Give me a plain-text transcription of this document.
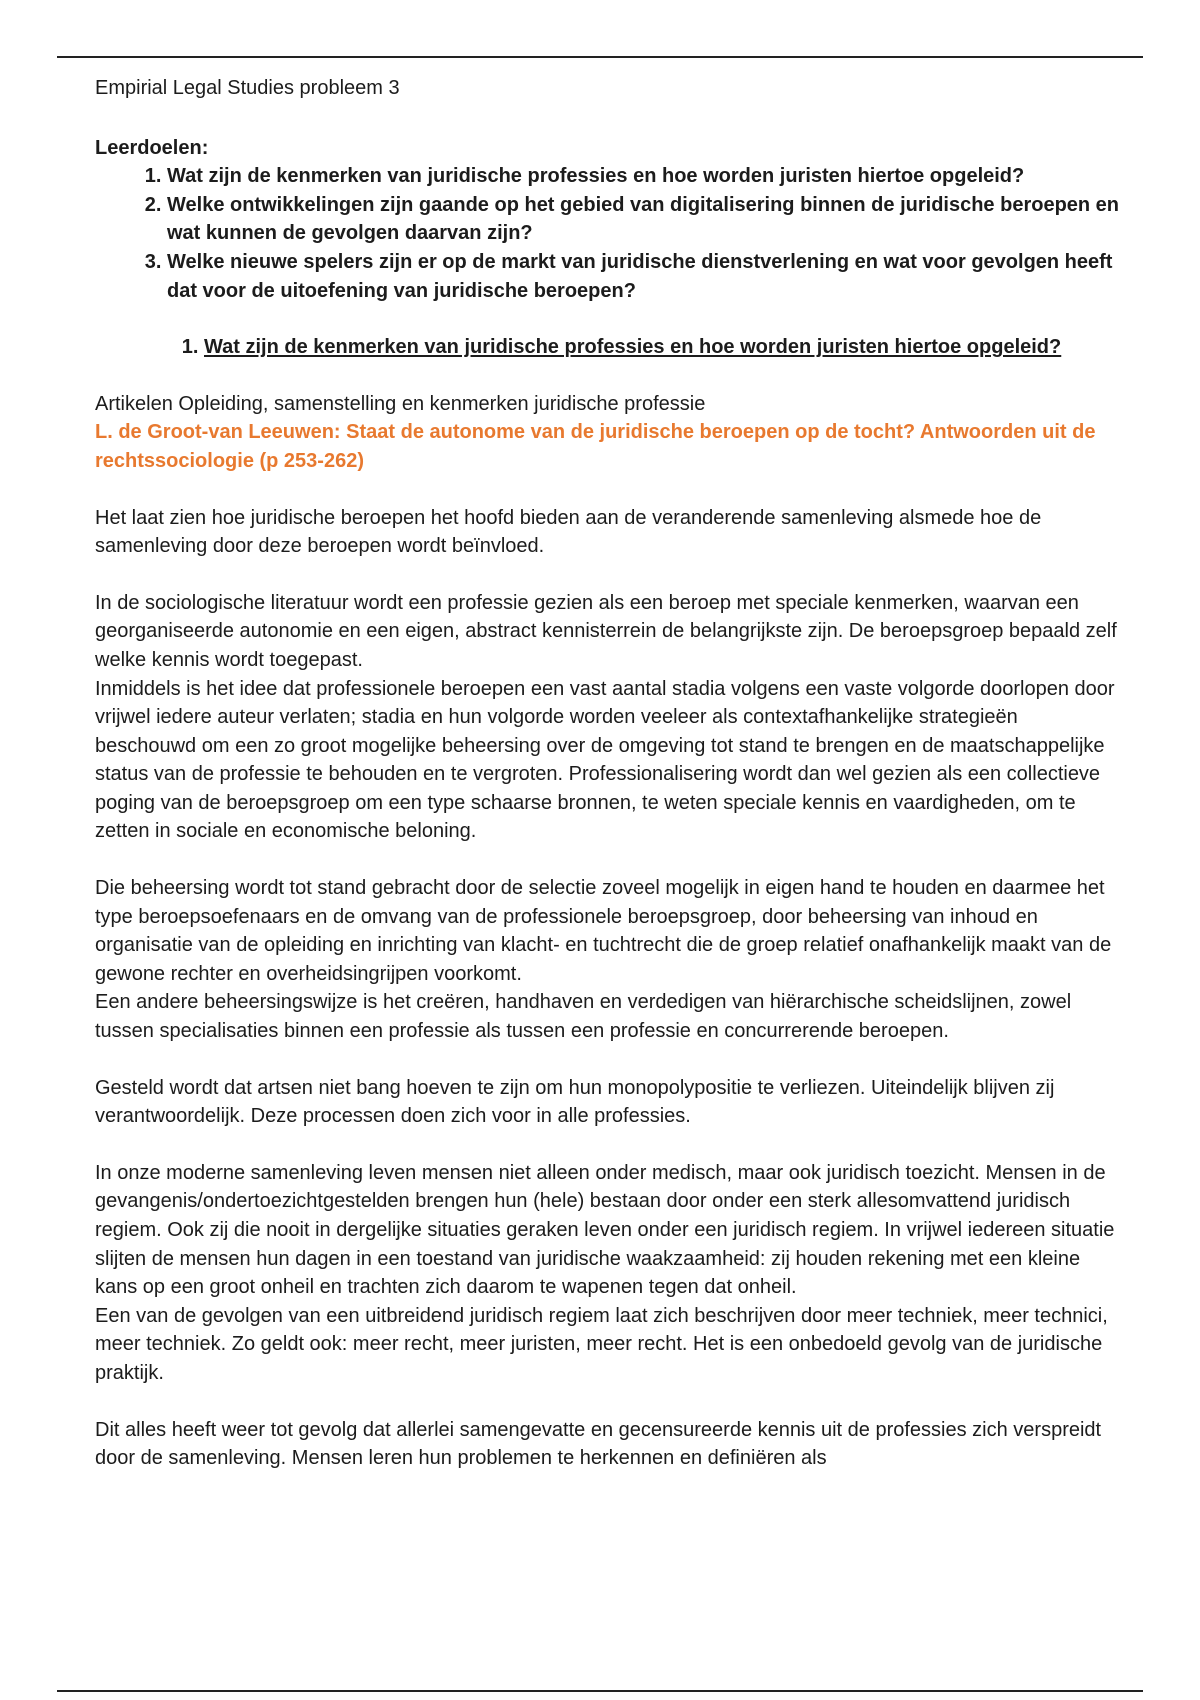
Empirial Legal Studies probleem 3

Leerdoelen:

1. Wat zijn de kenmerken van juridische professies en hoe worden juristen hiertoe opgeleid?
2. Welke ontwikkelingen zijn gaande op het gebied van digitalisering binnen de juridische beroepen en wat kunnen de gevolgen daarvan zijn?
3. Welke nieuwe spelers zijn er op de markt van juridische dienstverlening en wat voor gevolgen heeft dat voor de uitoefening van juridische beroepen?
1. Wat zijn de kenmerken van juridische professies en hoe worden juristen hiertoe opgeleid?

Artikelen Opleiding, samenstelling en kenmerken juridische professie

L. de Groot-van Leeuwen: Staat de autonome van de juridische beroepen op de tocht? Antwoorden uit de rechtssociologie (p 253-262)

Het laat zien hoe juridische beroepen het hoofd bieden aan de veranderende samenleving alsmede hoe de samenleving door deze beroepen wordt beïnvloed.

In de sociologische literatuur wordt een professie gezien als een beroep met speciale kenmerken, waarvan een georganiseerde autonomie en een eigen, abstract kennisterrein de belangrijkste zijn. De beroepsgroep bepaald zelf welke kennis wordt toegepast.

Inmiddels is het idee dat professionele beroepen een vast aantal stadia volgens een vaste volgorde doorlopen door vrijwel iedere auteur verlaten; stadia en hun volgorde worden veeleer als contextafhankelijke strategieën beschouwd om een zo groot mogelijke beheersing over de omgeving tot stand te brengen en de maatschappelijke status van de professie te behouden en te vergroten. Professionalisering wordt dan wel gezien als een collectieve poging van de beroepsgroep om een type schaarse bronnen, te weten speciale kennis en vaardigheden, om te zetten in sociale en economische beloning.

Die beheersing wordt tot stand gebracht door de selectie zoveel mogelijk in eigen hand te houden en daarmee het type beroepsoefenaars en de omvang van de professionele beroepsgroep, door beheersing van inhoud en organisatie van de opleiding en inrichting van klacht- en tuchtrecht die de groep relatief onafhankelijk maakt van de gewone rechter en overheidsingrijpen voorkomt.

Een andere beheersingswijze is het creëren, handhaven en verdedigen van hiërarchische scheidslijnen, zowel tussen specialisaties binnen een professie als tussen een professie en concurrerende beroepen.

Gesteld wordt dat artsen niet bang hoeven te zijn om hun monopolypositie te verliezen. Uiteindelijk blijven zij verantwoordelijk. Deze processen doen zich voor in alle professies.

In onze moderne samenleving leven mensen niet alleen onder medisch, maar ook juridisch toezicht. Mensen in de gevangenis/ondertoezichtgestelden brengen hun (hele) bestaan door onder een sterk allesomvattend juridisch regiem. Ook zij die nooit in dergelijke situaties geraken leven onder een juridisch regiem. In vrijwel iedereen situatie slijten de mensen hun dagen in een toestand van juridische waakzaamheid: zij houden rekening met een kleine kans op een groot onheil en trachten zich daarom te wapenen tegen dat onheil.

Een van de gevolgen van een uitbreidend juridisch regiem laat zich beschrijven door meer techniek, meer technici, meer techniek. Zo geldt ook: meer recht, meer juristen, meer recht. Het is een onbedoeld gevolg van de juridische praktijk.

Dit alles heeft weer tot gevolg dat allerlei samengevatte en gecensureerde kennis uit de professies zich verspreidt door de samenleving. Mensen leren hun problemen te herkennen en definiëren als
